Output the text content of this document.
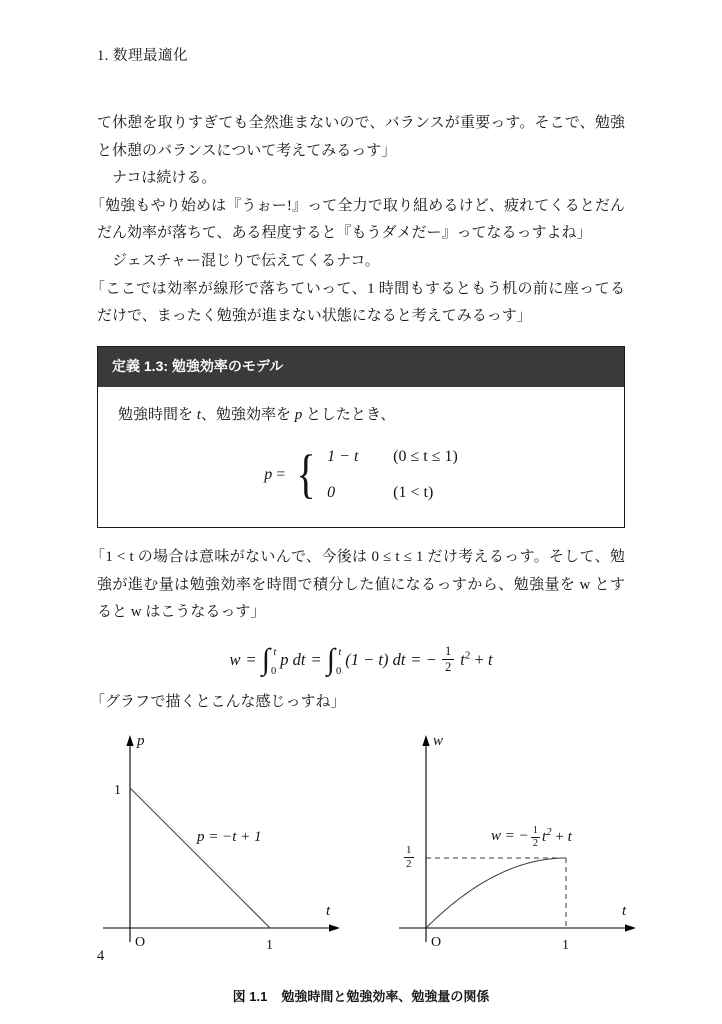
1. 数理最適化

て休憩を取りすぎても全然進まないので、バランスが重要っす。そこで、勉強と休憩のバランスについて考えてみるっす」

ナコは続ける。

「勉強もやり始めは『うぉー!』って全力で取り組めるけど、疲れてくるとだんだん効率が落ちて、ある程度すると『もうダメだー』ってなるっすよね」

ジェスチャー混じりで伝えてくるナコ。

「ここでは効率が線形で落ちていって、1 時間もするともう机の前に座ってるだけで、まったく勉強が進まない状態になると考えてみるっす」

定義 1.3: 勉強効率のモデル
勉強時間を t、勉強効率を p としたとき、
p = { 1 − t	(0 ≤ t ≤ 1)
0	(1 < t)

「1 < t の場合は意味がないんで、今後は 0 ≤ t ≤ 1 だけ考えるっす。そして、勉強が進む量は勉強効率を時間で積分した値になるっすから、勉強量を w とすると w はこうなるっす」

w = ∫ t
0
p dt = ∫ t
0
(1 − t) dt = − $\frac{1}{2} t^2 + t$

「グラフで描くとこんな感じっすね」

p
t
O
1
1
p = −t + 1
w
t
O
$\frac{1}{2}$
1
w = − $\frac{1}{2} t^2 + t$
図 1.1 勉強時間と勉強効率、勉強量の関係
4
